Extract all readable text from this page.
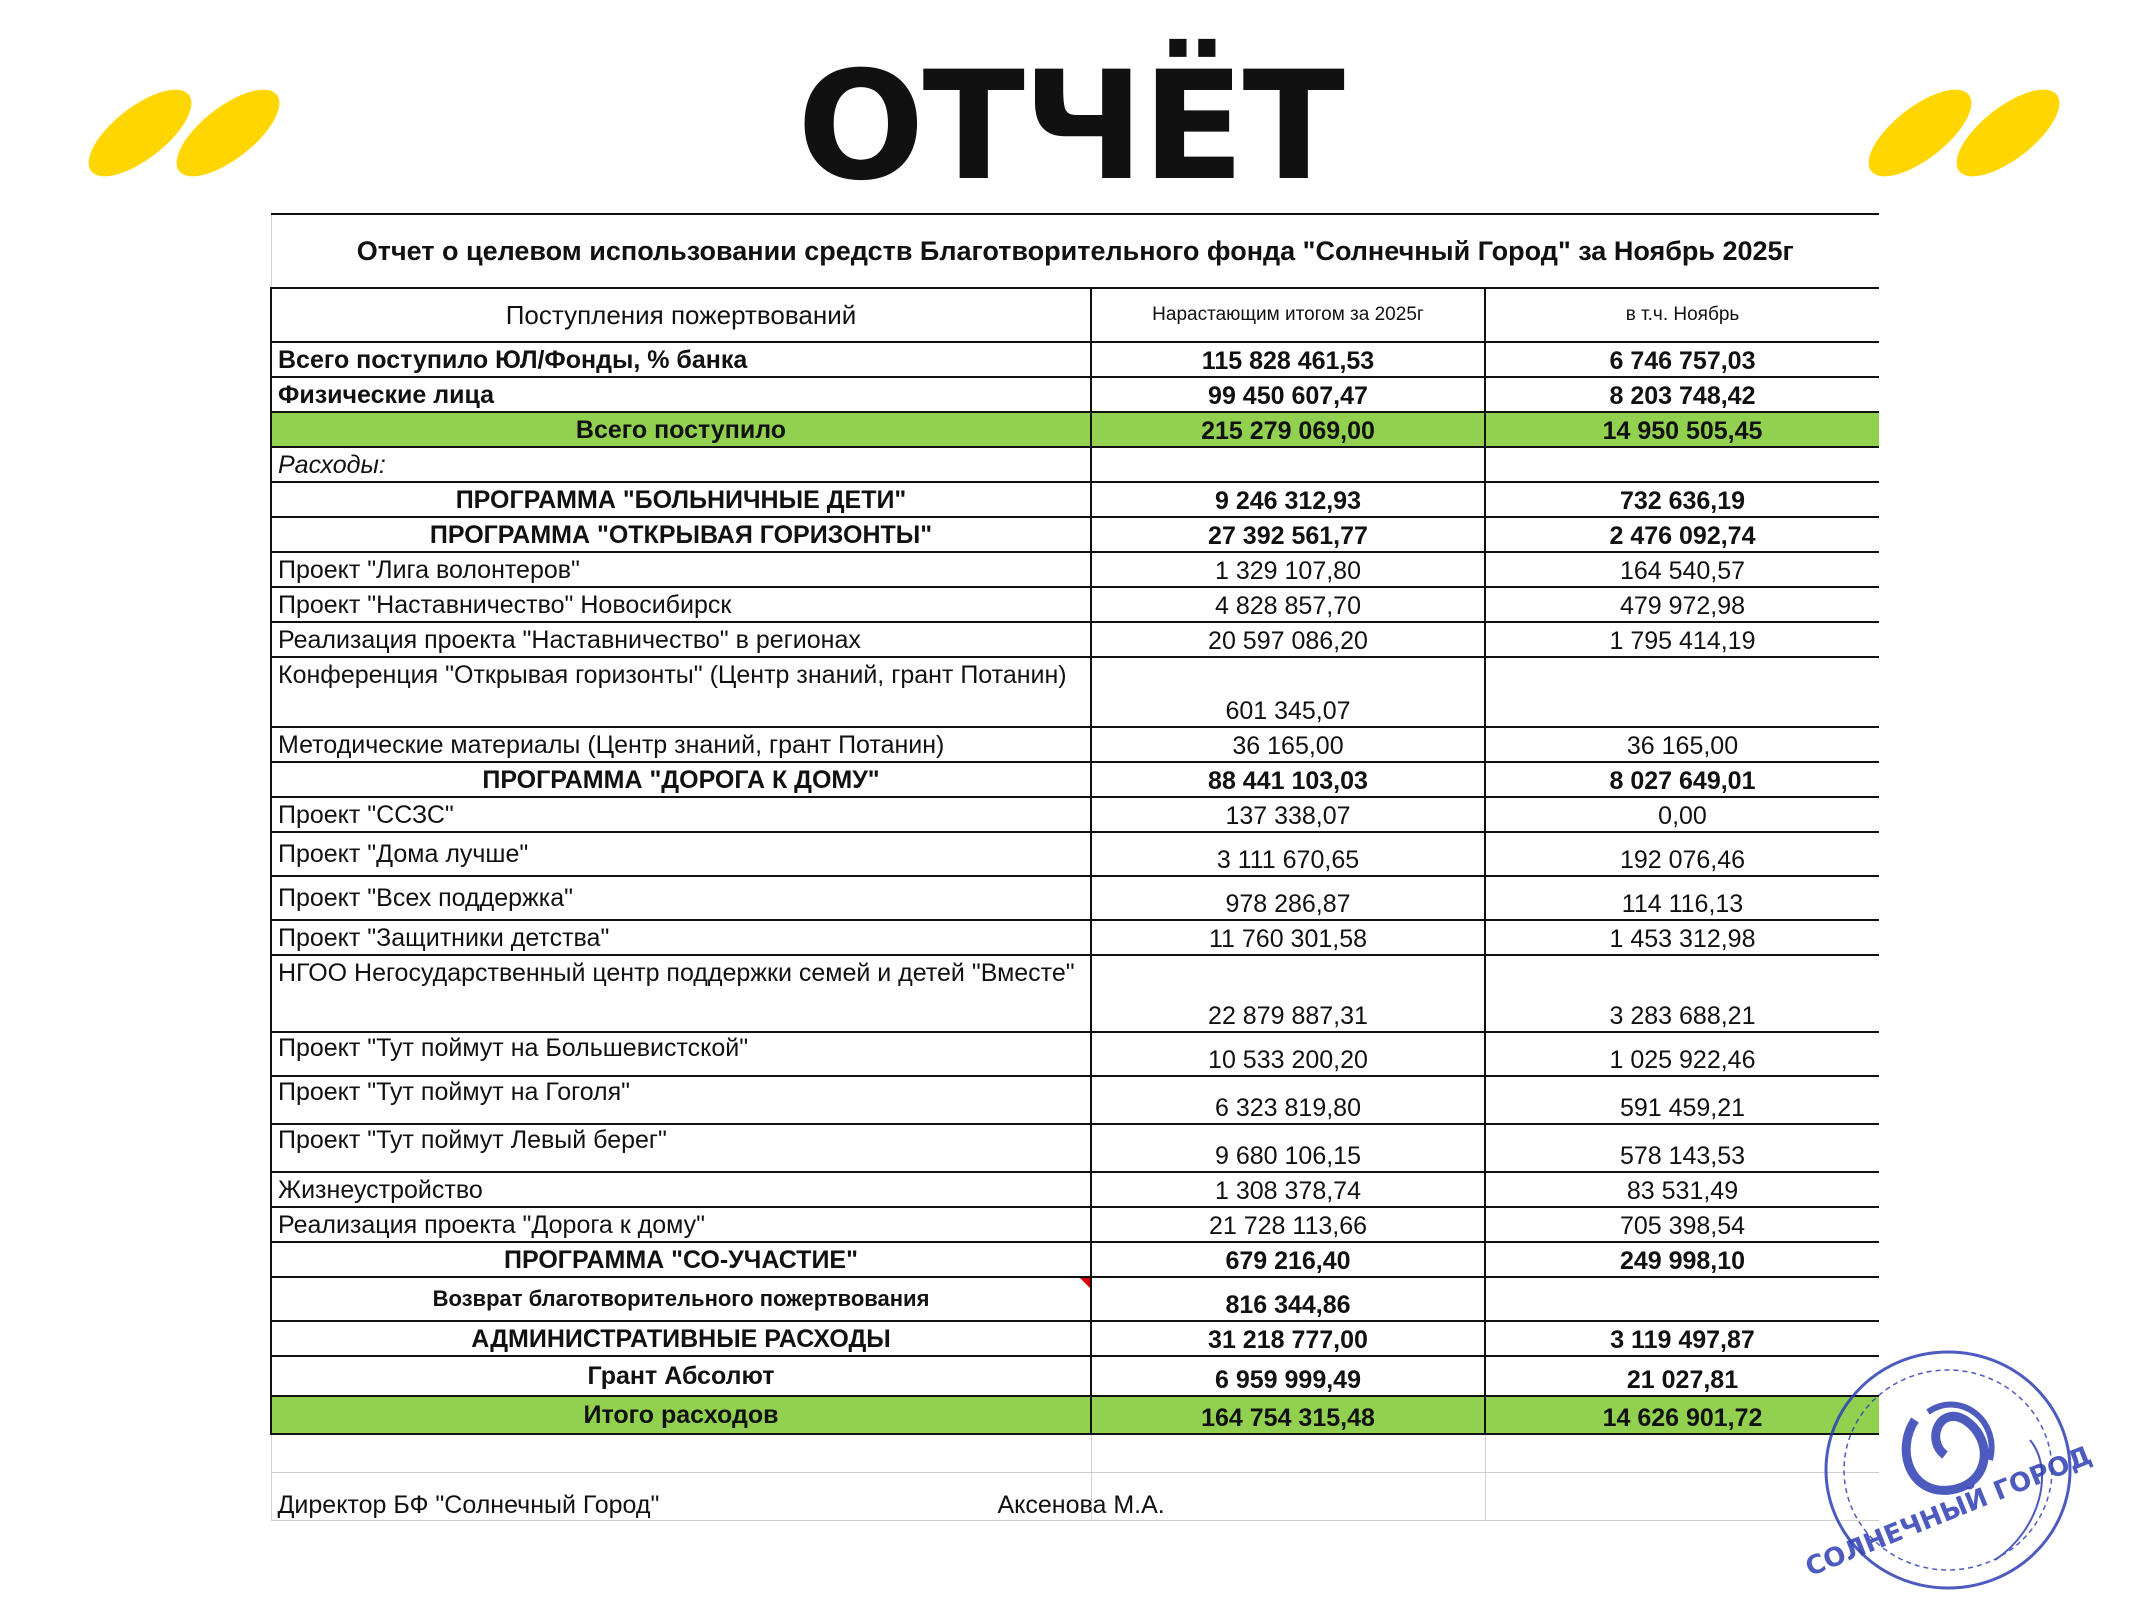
ОТЧЁТ
Отчет о целевом использовании средств Благотворительного фонда "Солнечный Город" за Ноябрь 2025г		
Поступления пожертвований	Нарастающим итогом за 2025г	в т.ч. Ноябрь
Всего поступило ЮЛ/Фонды, % банка	115 828 461,53	6 746 757,03
Физические лица	99 450 607,47	8 203 748,42
Всего поступило	215 279 069,00	14 950 505,45
Расходы:		
ПРОГРАММА "БОЛЬНИЧНЫЕ ДЕТИ"	9 246 312,93	732 636,19
ПРОГРАММА "ОТКРЫВАЯ ГОРИЗОНТЫ"	27 392 561,77	2 476 092,74
Проект "Лига волонтеров"	1 329 107,80	164 540,57
Проект "Наставничество" Новосибирск	4 828 857,70	479 972,98
Реализация проекта "Наставничество" в регионах	20 597 086,20	1 795 414,19
Конференция "Открывая горизонты" (Центр знаний, грант Потанин)	601 345,07	
Методические материалы (Центр знаний, грант Потанин)	36 165,00	36 165,00
ПРОГРАММА "ДОРОГА К ДОМУ"	88 441 103,03	8 027 649,01
Проект "ССЗС"	137 338,07	0,00
Проект "Дома лучше"	3 111 670,65	192 076,46
Проект "Всех поддержка"	978 286,87	114 116,13
Проект "Защитники детства"	11 760 301,58	1 453 312,98
НГОО Негосударственный центр поддержки семей и детей "Вместе"	22 879 887,31	3 283 688,21
Проект "Тут поймут на Большевистской"	10 533 200,20	1 025 922,46
Проект "Тут поймут на Гоголя"	6 323 819,80	591 459,21
Проект "Тут поймут Левый берег"	9 680 106,15	578 143,53
Жизнеустройство	1 308 378,74	83 531,49
Реализация проекта "Дорога к дому"	21 728 113,66	705 398,54
ПРОГРАММА "СО-УЧАСТИЕ"	679 216,40	249 998,10
Возврат благотворительного пожертвования	816 344,86	
АДМИНИСТРАТИВНЫЕ РАСХОДЫ	31 218 777,00	3 119 497,87
Грант Абсолют	6 959 999,49	21 027,81
Итого расходов	164 754 315,48	14 626 901,72

Директор БФ "Солнечный Город" Аксенова М.А.		
			СОЛНЕЧНЫЙ ГОРОД
